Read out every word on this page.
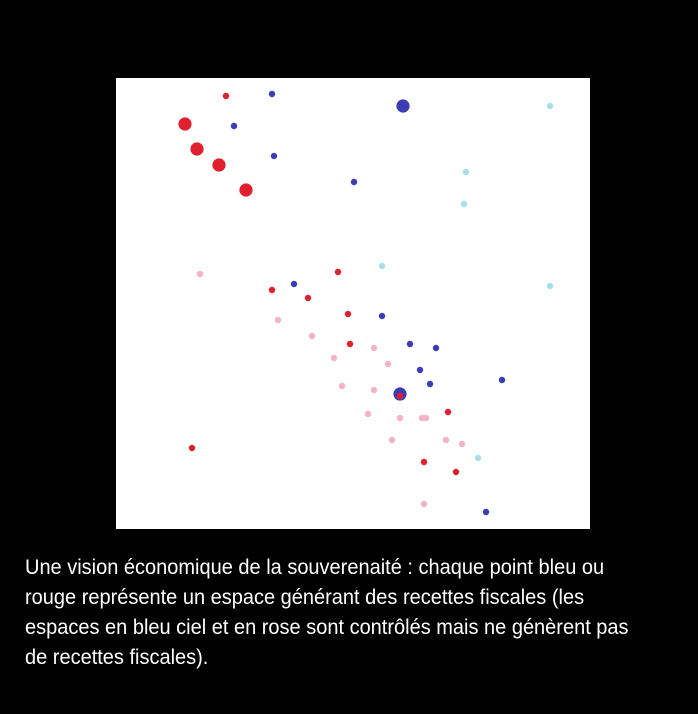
Une vision économique de la souverenaité : chaque point bleu ou rouge représente un espace générant des recettes fiscales (les espaces en bleu ciel et en rose sont contrôlés mais ne génèrent pas de recettes fiscales).
